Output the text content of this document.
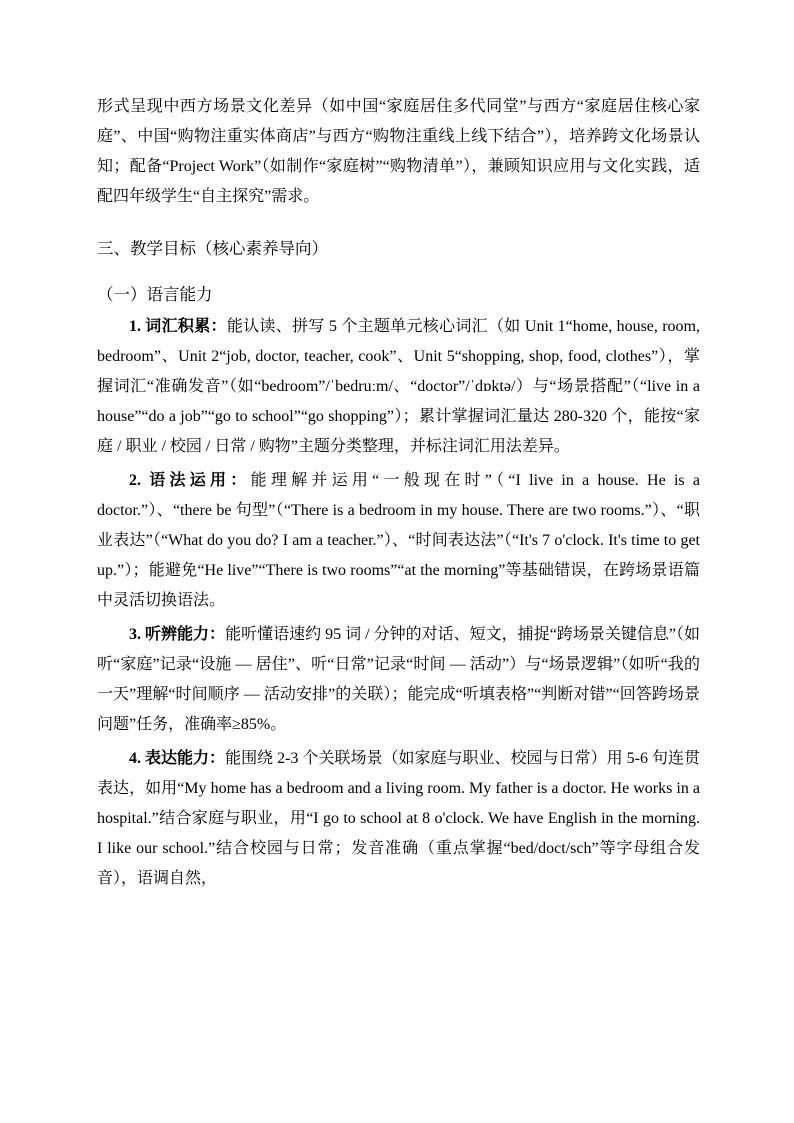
形式呈现中西方场景文化差异（如中国“家庭居住多代同堂”与西方“家庭居住核心家庭”、中国“购物注重实体商店”与西方“购物注重线上线下结合”），培养跨文化场景认知；配备“Project Work”（如制作“家庭树”“购物清单”），兼顾知识应用与文化实践，适配四年级学生“自主探究”需求。

三、教学目标（核心素养导向）
（一）语言能力

1. 词汇积累：能认读、拼写 5 个主题单元核心词汇（如 Unit 1“home, house, room, bedroom”、Unit 2“job, doctor, teacher, cook”、Unit 5“shopping, shop, food, clothes”），掌握词汇“准确发音”（如“bedroom”/ˈbedruːm/、“doctor”/ˈdɒktə/）与“场景搭配”（“live in a house”“do a job”“go to school”“go shopping”）；累计掌握词汇量达 280-320 个，能按“家庭 / 职业 / 校园 / 日常 / 购物”主题分类整理，并标注词汇用法差异。

2. 语法运用：能理解并运用“一般现在时”（“I live in a house. He is a doctor.”）、“there be 句型”（“There is a bedroom in my house. There are two rooms.”）、“职业表达”（“What do you do? I am a teacher.”）、“时间表达法”（“It's 7 o'clock. It's time to get up.”）；能避免“He live”“There is two rooms”“at the morning”等基础错误，在跨场景语篇中灵活切换语法。

3. 听辨能力：能听懂语速约 95 词 / 分钟的对话、短文，捕捉“跨场景关键信息”（如听“家庭”记录“设施 — 居住”、听“日常”记录“时间 — 活动”）与“场景逻辑”（如听“我的一天”理解“时间顺序 — 活动安排”的关联）；能完成“听填表格”“判断对错”“回答跨场景问题”任务，准确率≥85%。

4. 表达能力：能围绕 2-3 个关联场景（如家庭与职业、校园与日常）用 5-6 句连贯表达，如用“My home has a bedroom and a living room. My father is a doctor. He works in a hospital.”结合家庭与职业，用“I go to school at 8 o'clock. We have English in the morning. I like our school.”结合校园与日常；发音准确（重点掌握“bed/doct/sch”等字母组合发音），语调自然，
